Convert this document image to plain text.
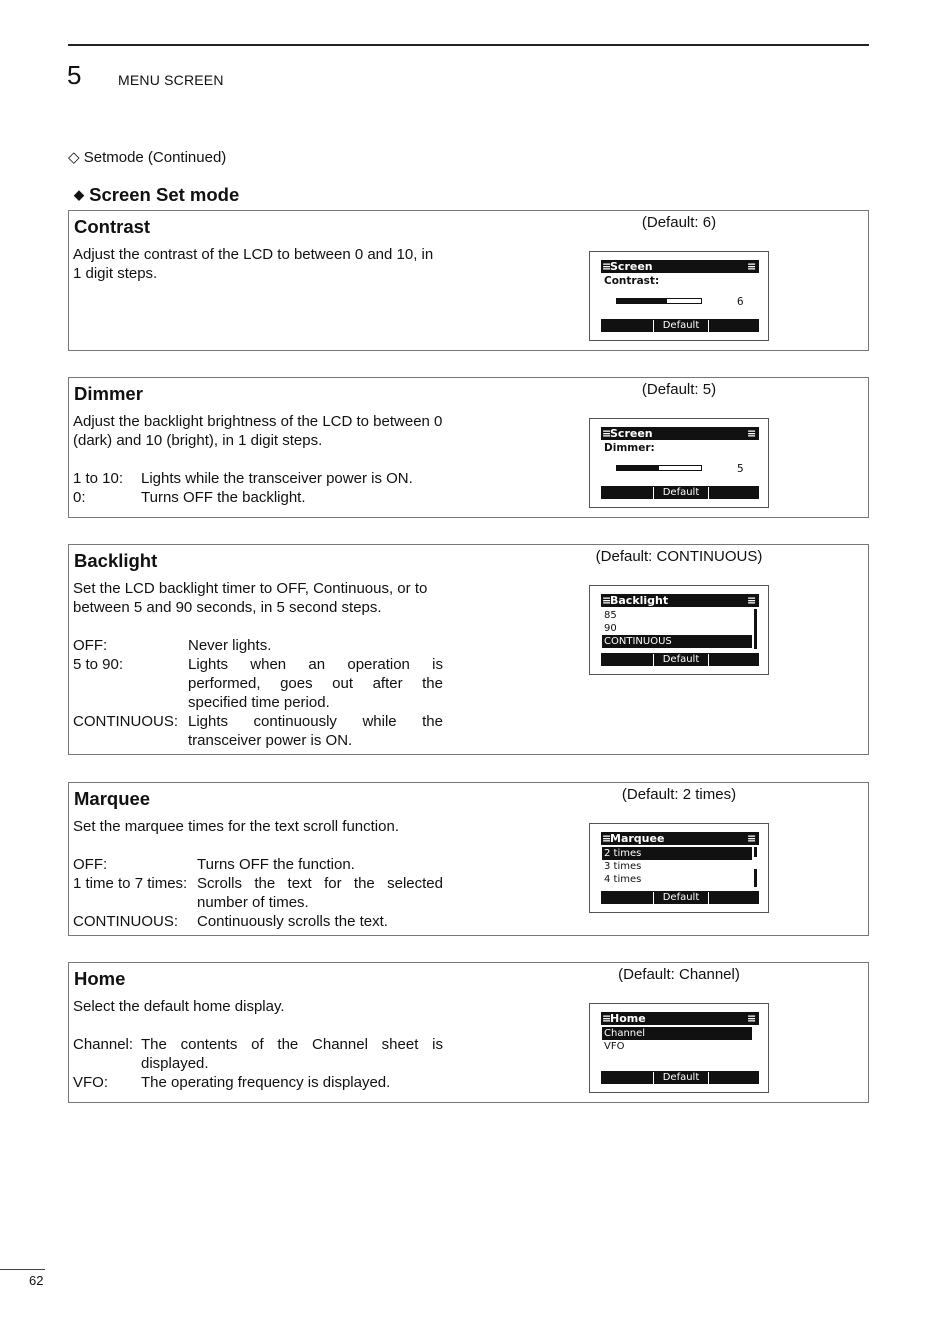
5	MENU SCREEN
◇ Setmode (Continued)
◆ Screen Set mode
Contrast	(Default: 6)

Adjust the contrast of the LCD to between 0 and 10, in 1 digit steps.	≡
Screen	≡
Contrast:
6
Default
Dimmer	(Default: 5)

Adjust the backlight brightness of the LCD to between 0 (dark) and 10 (bright), in 1 digit steps.

1 to 10:	Lights while the transceiver power is ON.
0:	Turns OFF the backlight.
≡
Screen	≡
Dimmer:
5
Default
Backlight	(Default: CONTINUOUS)

Set the LCD backlight timer to OFF, Continuous, or to between 5 and 90 seconds, in 5 second steps.

OFF:	Never lights.
5 to 90:	Lights when an operation is performed, goes out after the specified time period.
CONTINUOUS: Lights continuously while the transceiver power is ON.
≡
Backlight	≡
85
90
CONTINUOUS
Default
Marquee	(Default: 2 times)

Set the marquee times for the text scroll function.

OFF:	Turns OFF the function.
1 time to 7 times: Scrolls the text for the selected number of times.
CONTINUOUS:	Continuously scrolls the text.
≡
Marquee	≡
2 times
3 times
4 times
Default
Home	(Default: Channel)

Select the default home display.

Channel: The contents of the Channel sheet is displayed.
VFO:	The operating frequency is displayed.
≡
Home	≡
Channel
VFO
Default
62
